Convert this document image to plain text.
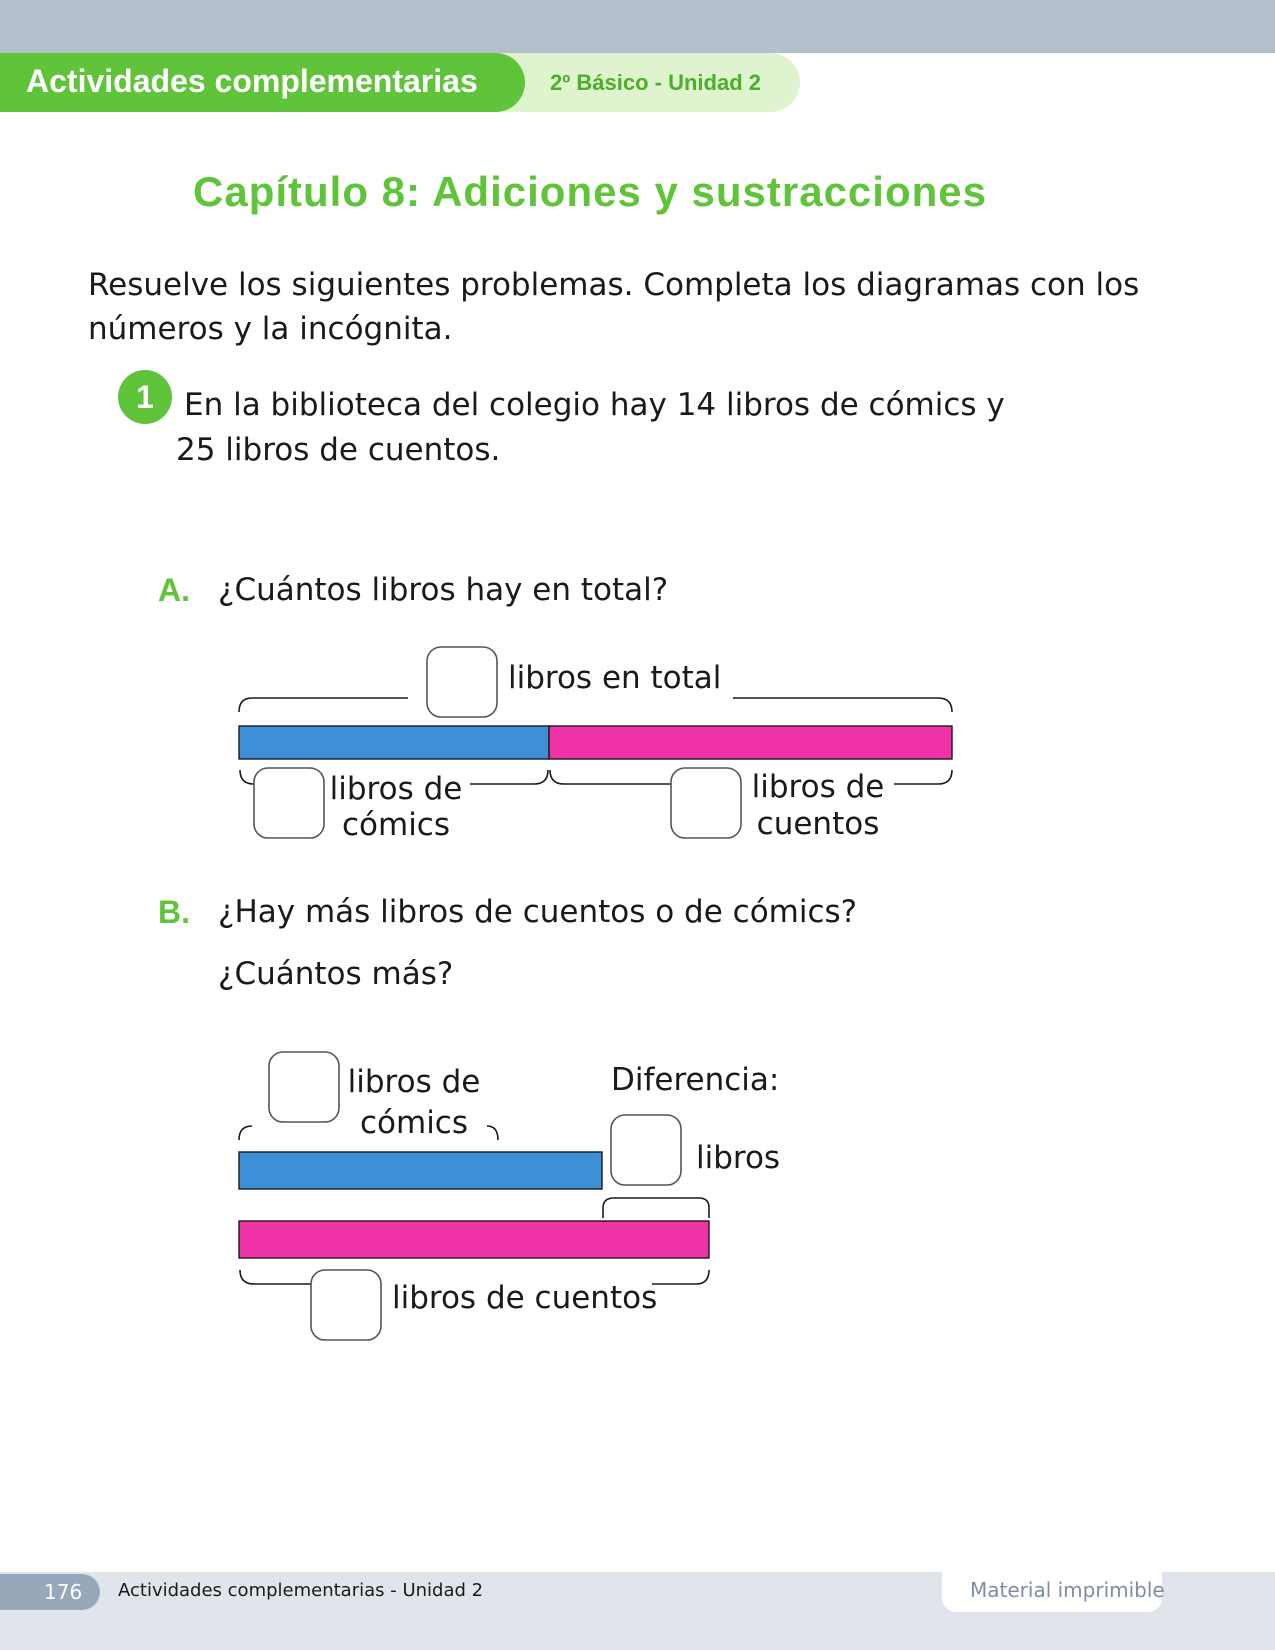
2º Básico - Unidad 2
Actividades complementarias
Capítulo 8: Adiciones y sustracciones
Resuelve los siguientes problemas. Completa los diagramas con los
números y la incógnita.
1 En la biblioteca del colegio hay 14 libros de cómics y
25 libros de cuentos.
A. ¿Cuántos libros hay en total?
B. ¿Hay más libros de cuentos o de cómics?
¿Cuántos más?
libros en total
libros de
cómics
libros de
cuentos
libros de
cómics
Diferencia:
libros
libros de cuentos
176	Actividades complementarias - Unidad 2	Material imprimible
